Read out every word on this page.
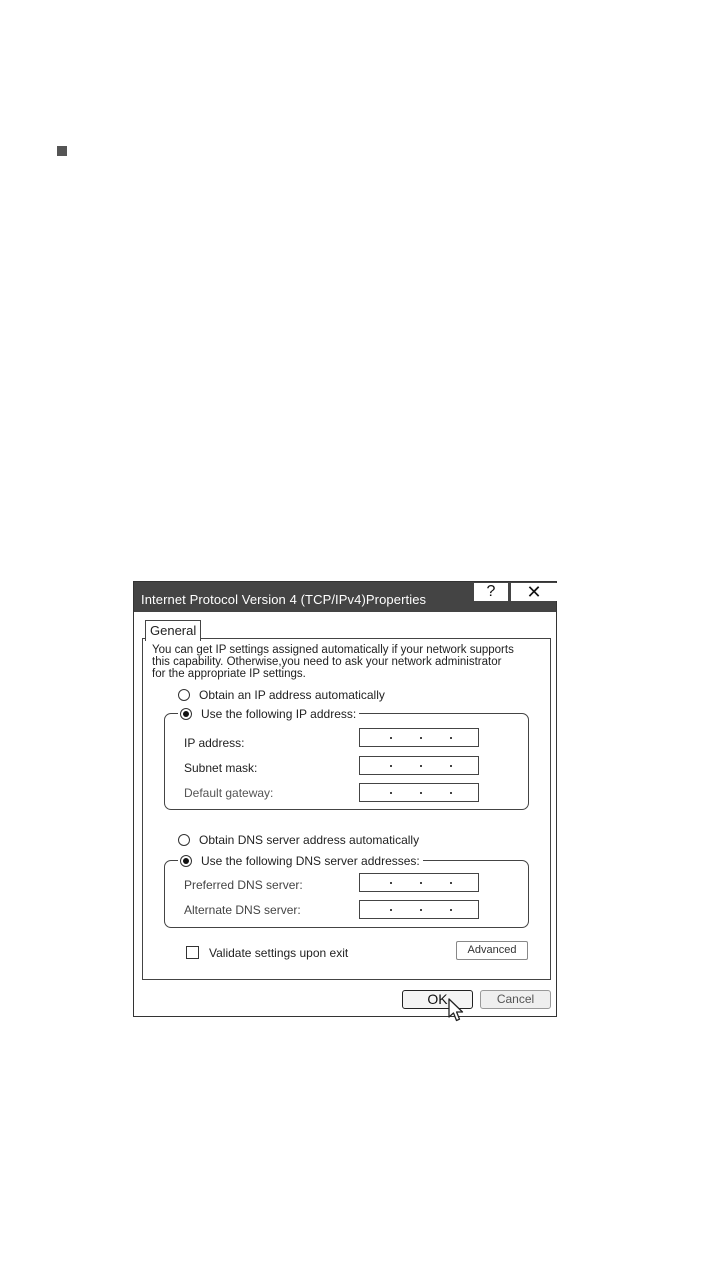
Internet Protocol Version 4 (TCP/IPv4)Properties	?	✕
General
You can get IP settings assigned automatically if your network supports
this capability. Otherwise,you need to ask your network administrator
for the appropriate IP settings.
Obtain an IP address automatically
Use the following IP address:
IP address:
Subnet mask:
Default gateway:
Obtain DNS server address automatically
Use the following DNS server addresses:
Preferred DNS server:
Alternate DNS server:
Validate settings upon exit	Advanced
OK	Cancel
